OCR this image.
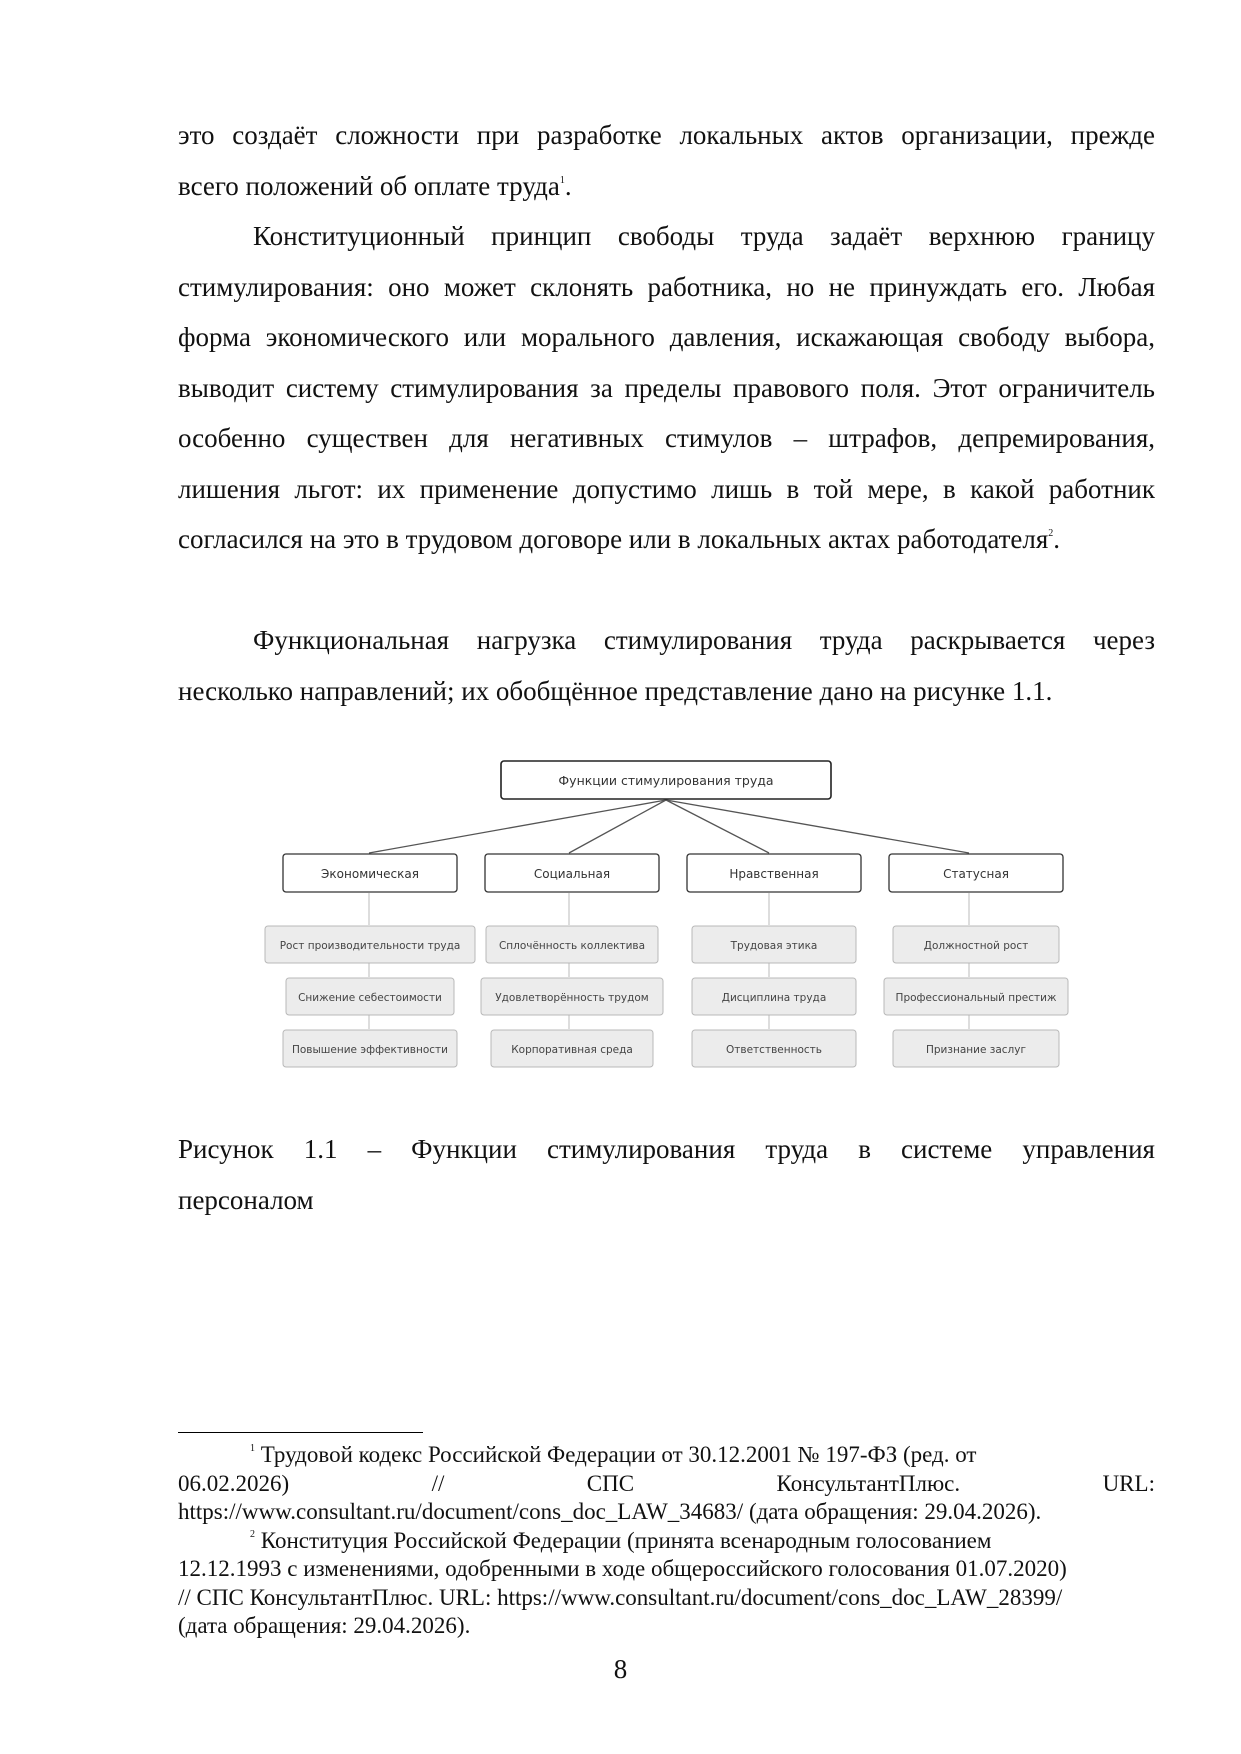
это создаёт сложности при разработке локальных актов организации, прежде

всего положений об оплате труда$^1$.

Конституционный принцип свободы труда задаёт верхнюю границу стимулирования: оно может склонять работника, но не принуждать его. Любая форма экономического или морального давления, искажающая свободу выбора, выводит систему стимулирования за пределы правового поля. Этот ограничитель особенно существен для негативных стимулов – штрафов, депремирования, лишения льгот: их применение допустимо лишь в той мере, в какой работник согласился на это в трудовом договоре или в локальных актах работодателя$^2$.

Функциональная нагрузка стимулирования труда раскрывается через несколько направлений; их обобщённое представление дано на рисунке 1.1.

Функции стимулирования труда
Экономическая	Социальная	Нравственная	Статусная
Рост производительности труда
Снижение себестоимости
Повышение эффективности
Сплочённость коллектива
Удовлетворённость трудом
Корпоративная среда
Трудовая этика
Дисциплина труда
Ответственность
Должностной рост
Профессиональный престиж
Признание заслуг
Рисунок 1.1 – Функции стимулирования труда в системе управления
персоналом
$^1$ Трудовой кодекс Российской Федерации от 30.12.2001 № 197-ФЗ (ред. от
06.02.2026)	//	СПС	КонсультантПлюс.	URL:
https://www.consultant.ru/document/cons_doc_LAW_34683/ (дата обращения: 29.04.2026).
$^2$ Конституция Российской Федерации (принята всенародным голосованием
12.12.1993 с изменениями, одобренными в ходе общероссийского голосования 01.07.2020)
// СПС КонсультантПлюс. URL: https://www.consultant.ru/document/cons_doc_LAW_28399/
(дата обращения: 29.04.2026).
8
